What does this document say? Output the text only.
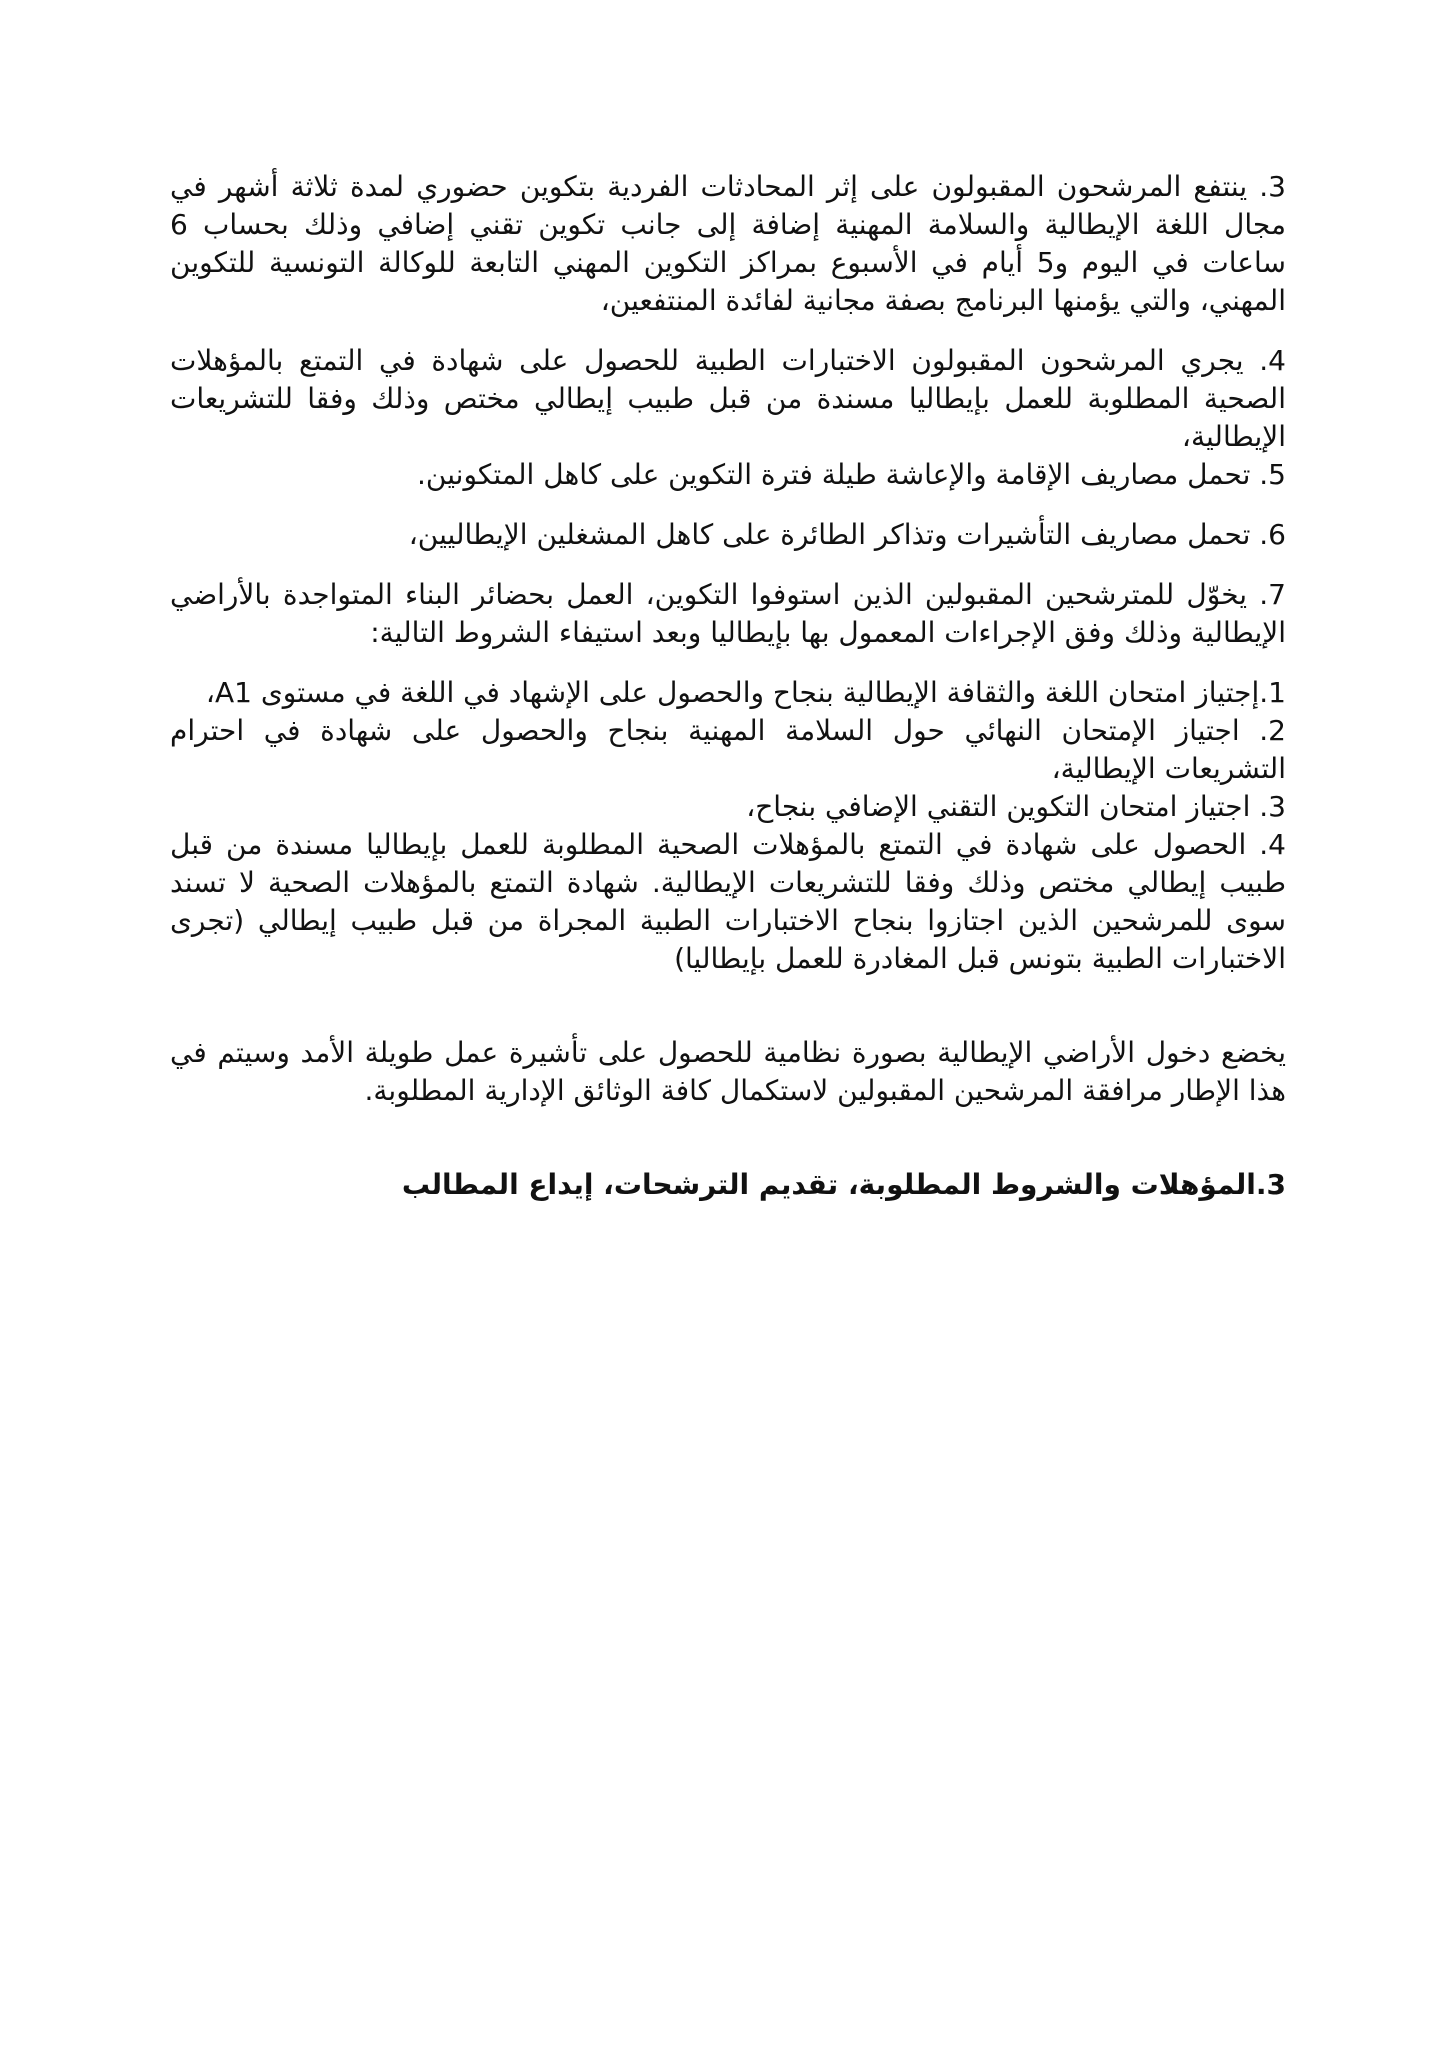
3. ينتفع المرشحون المقبولون على إثر المحادثات الفردية بتكوين حضوري لمدة ثلاثة أشهر في مجال اللغة الإيطالية والسلامة المهنية إضافة إلى جانب تكوين تقني إضافي وذلك بحساب 6 ساعات في اليوم و5 أيام في الأسبوع بمراكز التكوين المهني التابعة للوكالة التونسية للتكوين المهني، والتي يؤمنها البرنامج بصفة مجانية لفائدة المنتفعين،

4. يجري المرشحون المقبولون الاختبارات الطبية للحصول على شهادة في التمتع بالمؤهلات الصحية المطلوبة للعمل بإيطاليا مسندة من قبل طبيب إيطالي مختص وذلك وفقا للتشريعات الإيطالية،

5. تحمل مصاريف الإقامة والإعاشة طيلة فترة التكوين على كاهل المتكونين.

6. تحمل مصاريف التأشيرات وتذاكر الطائرة على كاهل المشغلين الإيطاليين،

7. يخوّل للمترشحين المقبولين الذين استوفوا التكوين، العمل بحضائر البناء المتواجدة بالأراضي الإيطالية وذلك وفق الإجراءات المعمول بها بإيطاليا وبعد استيفاء الشروط التالية:

1.إجتياز امتحان اللغة والثقافة الإيطالية بنجاح والحصول على الإشهاد في اللغة في مستوى A1،

2. اجتياز الإمتحان النهائي حول السلامة المهنية بنجاح والحصول على شهادة في احترام التشريعات الإيطالية،

3. اجتياز امتحان التكوين التقني الإضافي بنجاح،

4. الحصول على شهادة في التمتع بالمؤهلات الصحية المطلوبة للعمل بإيطاليا مسندة من قبل طبيب إيطالي مختص وذلك وفقا للتشريعات الإيطالية. شهادة التمتع بالمؤهلات الصحية لا تسند سوى للمرشحين الذين اجتازوا بنجاح الاختبارات الطبية المجراة من قبل طبيب إيطالي (تجرى الاختبارات الطبية بتونس قبل المغادرة للعمل بإيطاليا)

يخضع دخول الأراضي الإيطالية بصورة نظامية للحصول على تأشيرة عمل طويلة الأمد وسيتم في هذا الإطار مرافقة المرشحين المقبولين لاستكمال كافة الوثائق الإدارية المطلوبة.

3.المؤهلات والشروط المطلوبة، تقديم الترشحات، إيداع المطالب
